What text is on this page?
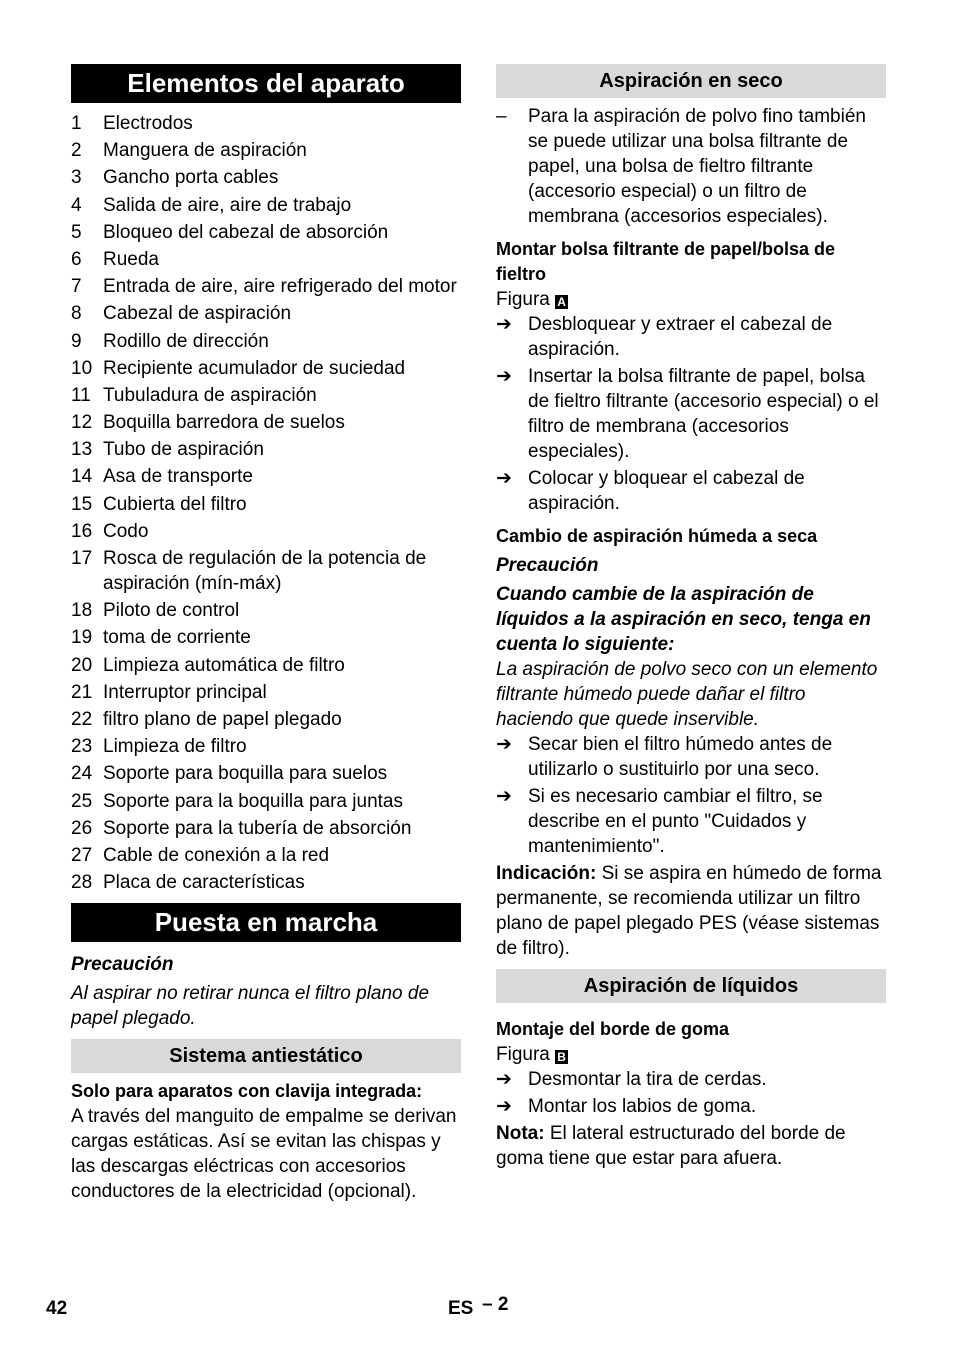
Elementos del aparato
1	Electrodos
2	Manguera de aspiración
3	Gancho porta cables
4	Salida de aire, aire de trabajo
5	Bloqueo del cabezal de absorción
6	Rueda
7	Entrada de aire, aire refrigerado del motor
8	Cabezal de aspiración
9	Rodillo de dirección
10 Recipiente acumulador de suciedad
11 Tubuladura de aspiración
12 Boquilla barredora de suelos
13 Tubo de aspiración
14 Asa de transporte
15 Cubierta del filtro
16 Codo
17 Rosca de regulación de la potencia de aspiración (mín-máx)
18 Piloto de control
19 toma de corriente
20 Limpieza automática de filtro
21 Interruptor principal
22 filtro plano de papel plegado
23 Limpieza de filtro
24 Soporte para boquilla para suelos
25 Soporte para la boquilla para juntas
26 Soporte para la tubería de absorción
27 Cable de conexión a la red
28 Placa de características
Puesta en marcha

Precaución

Al aspirar no retirar nunca el filtro plano de papel plegado.

Sistema antiestático

Solo para aparatos con clavija integrada:

A través del manguito de empalme se derivan cargas estáticas. Así se evitan las chispas y las descargas eléctricas con accesorios conductores de la electricidad (opcional).

Aspiración en seco
–	Para la aspiración de polvo fino también se puede utilizar una bolsa filtrante de papel, una bolsa de fieltro filtrante (accesorio especial) o un filtro de membrana (accesorios especiales).

Montar bolsa filtrante de papel/bolsa de fieltro

Figura A

➔ Desbloquear y extraer el cabezal de aspiración.
➔ Insertar la bolsa filtrante de papel, bolsa de fieltro filtrante (accesorio especial) o el filtro de membrana (accesorios especiales).
➔ Colocar y bloquear el cabezal de aspiración.

Cambio de aspiración húmeda a seca

Precaución

Cuando cambie de la aspiración de líquidos a la aspiración en seco, tenga en cuenta lo siguiente:

La aspiración de polvo seco con un elemento filtrante húmedo puede dañar el filtro haciendo que quede inservible.

➔ Secar bien el filtro húmedo antes de utilizarlo o sustituirlo por una seco.
➔ Si es necesario cambiar el filtro, se describe en el punto "Cuidados y mantenimiento".

Indicación: Si se aspira en húmedo de forma permanente, se recomienda utilizar un filtro plano de papel plegado PES (véase sistemas de filtro).

Aspiración de líquidos

Montaje del borde de goma

Figura B

➔ Desmontar la tira de cerdas.
➔ Montar los labios de goma.

Nota: El lateral estructurado del borde de goma tiene que estar para afuera.

42	ES – 2
